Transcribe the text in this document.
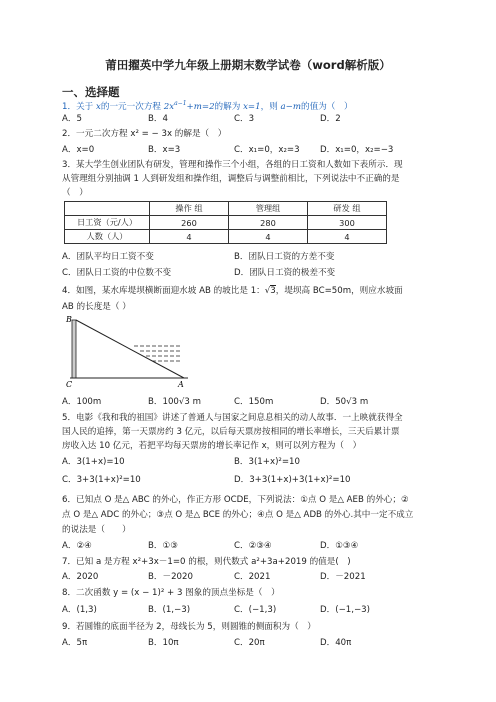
莆田擢英中学九年级上册期末数学试卷（word解析版）
一、选择题
1．关于 x的一元一次方程 $2x^{a-1}+m=2$的解为 x=1，则 a−m的值为（　）
A．5	B．4	C．3	D．2
2．一元二次方程 x² = − 3x 的解是（　）
A．x=0	B．x=3	C．x₁=0，x₂=3 D．x₁=0，x₂=−3
3．某大学生创业团队有研发，管理和操作三个小组，各组的日工资和人数如下表所示．现
从管理组分别抽调 1 人到研发组和操作组，调整后与调整前相比，下列说法中不正确的是
（　）
	操作 组	管理组	研发 组
日工资（元/人）	260	280	300
人数（人）	4	4	4
A．团队平均日工资不变	B．团队日工资的方差不变
C．团队日工资的中位数不变	D．团队日工资的极差不变
4．如图，某水库堤坝横断面迎水坡 AB 的坡比是 1：√3，堤坝高 BC=50m，则应水坡面
AB 的长度是（ ）
B
C	A
A．100m	B．100√3 m	C．150m	D．50√3 m
5．电影《我和我的祖国》讲述了普通人与国家之间息息相关的动人故事．一上映就获得全
国人民的追捧，第一天票房约 3 亿元，以后每天票房按相同的增长率增长，三天后累计票
房收入达 10 亿元，若把平均每天票房的增长率记作 x，则可以列方程为（　）
A．3(1+x)=10	B．3(1+x)²=10
C．3+3(1+x)²=10	D．3+3(1+x)+3(1+x)²=10
6．已知点 O 是△ ABC 的外心，作正方形 OCDE，下列说法：①点 O 是△ AEB 的外心；②
点 O 是△ ADC 的外心；③点 O 是△ BCE 的外心；④点 O 是△ ADB 的外心.其中一定不成立
的说法是（　　）
A．②④	B．①③	C．②③④	D．①③④
7．已知 a 是方程 x²+3x－1=0 的根，则代数式 a²+3a+2019 的值是(　)
A．2020	B．－2020	C．2021	D．－2021
8．二次函数 y = (x − 1)² + 3 图象的顶点坐标是（　）
A．(1,3)	B．(1,−3)	C．(−1,3)	D．(−1,−3)
9．若圆锥的底面半径为 2，母线长为 5，则圆锥的侧面积为（　）
A．5π	B．10π	C．20π	D．40π
